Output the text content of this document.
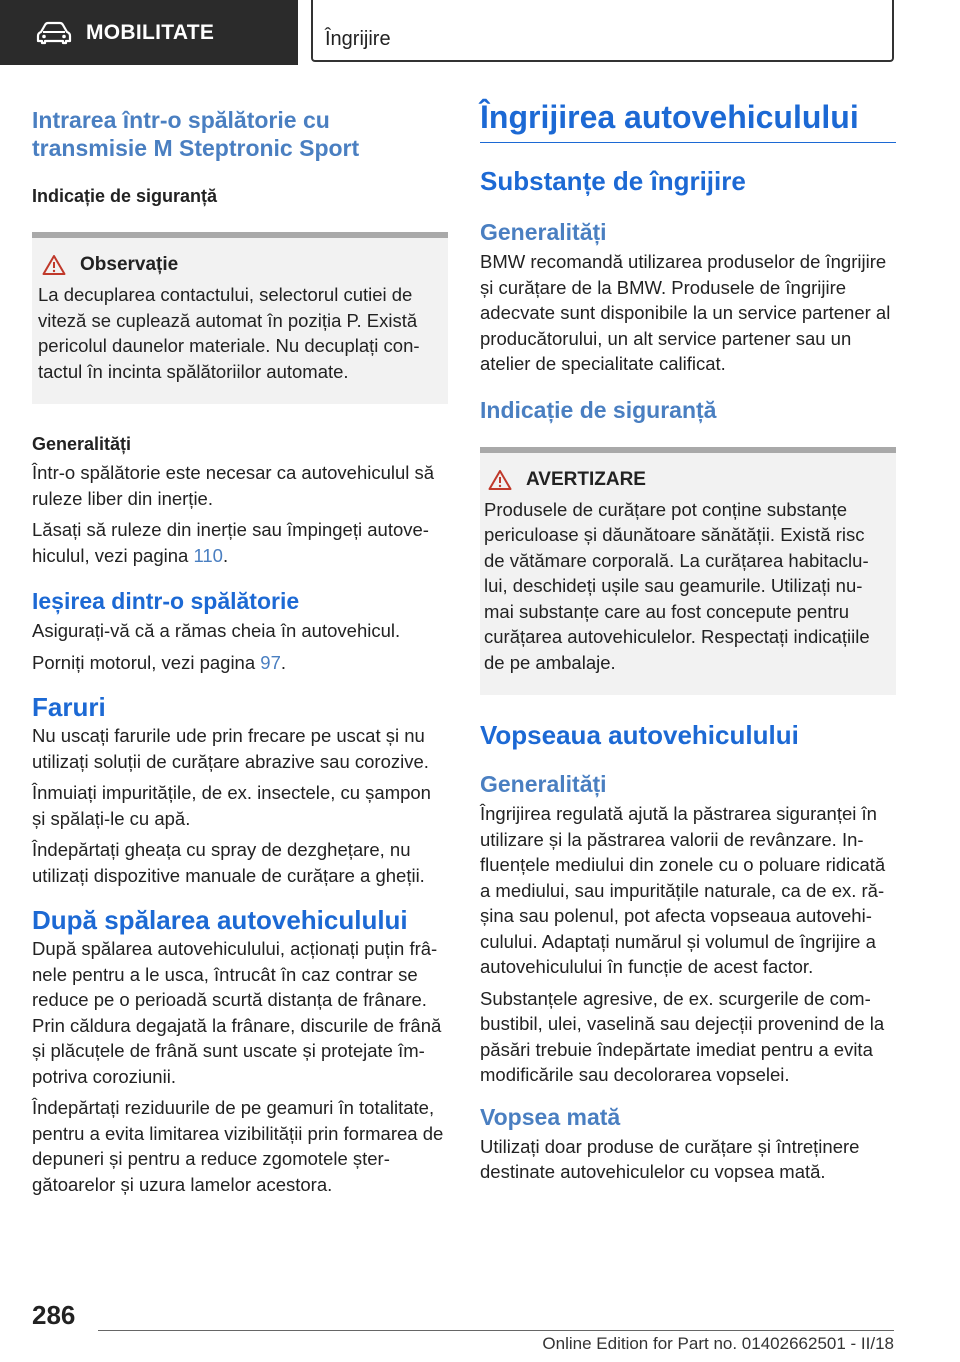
MOBILITATE	Îngrijire
Intrarea într-o spălătorie cu transmisie M Steptronic Sport
Indicație de siguranță
Observație

La decuplarea contactului, selectorul cutiei de viteză se cuplează automat în poziția P. Există pericolul daunelor materiale. Nu decuplați con-tactul în incinta spălătoriilor automate.

Generalități

Într-o spălătorie este necesar ca autovehiculul să ruleze liber din inerție.

Lăsați să ruleze din inerție sau împingeți autove-hiculul, vezi pagina 110.

Ieșirea dintr-o spălătorie

Asigurați-vă că a rămas cheia în autovehicul.

Porniți motorul, vezi pagina 97.

Faruri

Nu uscați farurile ude prin frecare pe uscat și nu utilizați soluții de curățare abrazive sau corozive.

Înmuiați impuritățile, de ex. insectele, cu șampon și spălați-le cu apă.

Îndepărtați gheața cu spray de dezghețare, nu utilizați dispozitive manuale de curățare a gheții.

După spălarea autovehiculului

După spălarea autovehiculului, acționați puțin frâ-nele pentru a le usca, întrucât în caz contrar se reduce pe o perioadă scurtă distanța de frânare. Prin căldura degajată la frânare, discurile de frână și plăcuțele de frână sunt uscate și protejate îm-potriva coroziunii.

Îndepărtați reziduurile de pe geamuri în totalitate, pentru a evita limitarea vizibilității prin formarea de depuneri și pentru a reduce zgomotele șter-gătoarelor și uzura lamelor acestora.

Îngrijirea autovehiculului
Substanțe de îngrijire
Generalități

BMW recomandă utilizarea produselor de îngrijire și curățare de la BMW. Produsele de îngrijire adecvate sunt disponibile la un service partener al producătorului, un alt service partener sau un atelier de specialitate calificat.

Indicație de siguranță
AVERTIZARE

Produsele de curățare pot conține substanțe periculoase și dăunătoare sănătății. Există risc de vătămare corporală. La curățarea habitaclu-lui, deschideți ușile sau geamurile. Utilizați nu-mai substanțe care au fost concepute pentru curățarea autovehiculelor. Respectați indicațiile de pe ambalaje.

Vopseaua autovehiculului
Generalități

Îngrijirea regulată ajută la păstrarea siguranței în utilizare și la păstrarea valorii de revânzare. In-fluențele mediului din zonele cu o poluare ridicată a mediului, sau impuritățile naturale, ca de ex. ră-șina sau polenul, pot afecta vopseaua autovehi-culului. Adaptați numărul și volumul de îngrijire a autovehiculului în funcție de acest factor.

Substanțele agresive, de ex. scurgerile de com-bustibil, ulei, vaselină sau dejecții provenind de la păsări trebuie îndepărtate imediat pentru a evita modificările sau decolorarea vopselei.

Vopsea mată

Utilizați doar produse de curățare și întreținere destinate autovehiculelor cu vopsea mată.

286
Online Edition for Part no. 01402662501 - II/18
